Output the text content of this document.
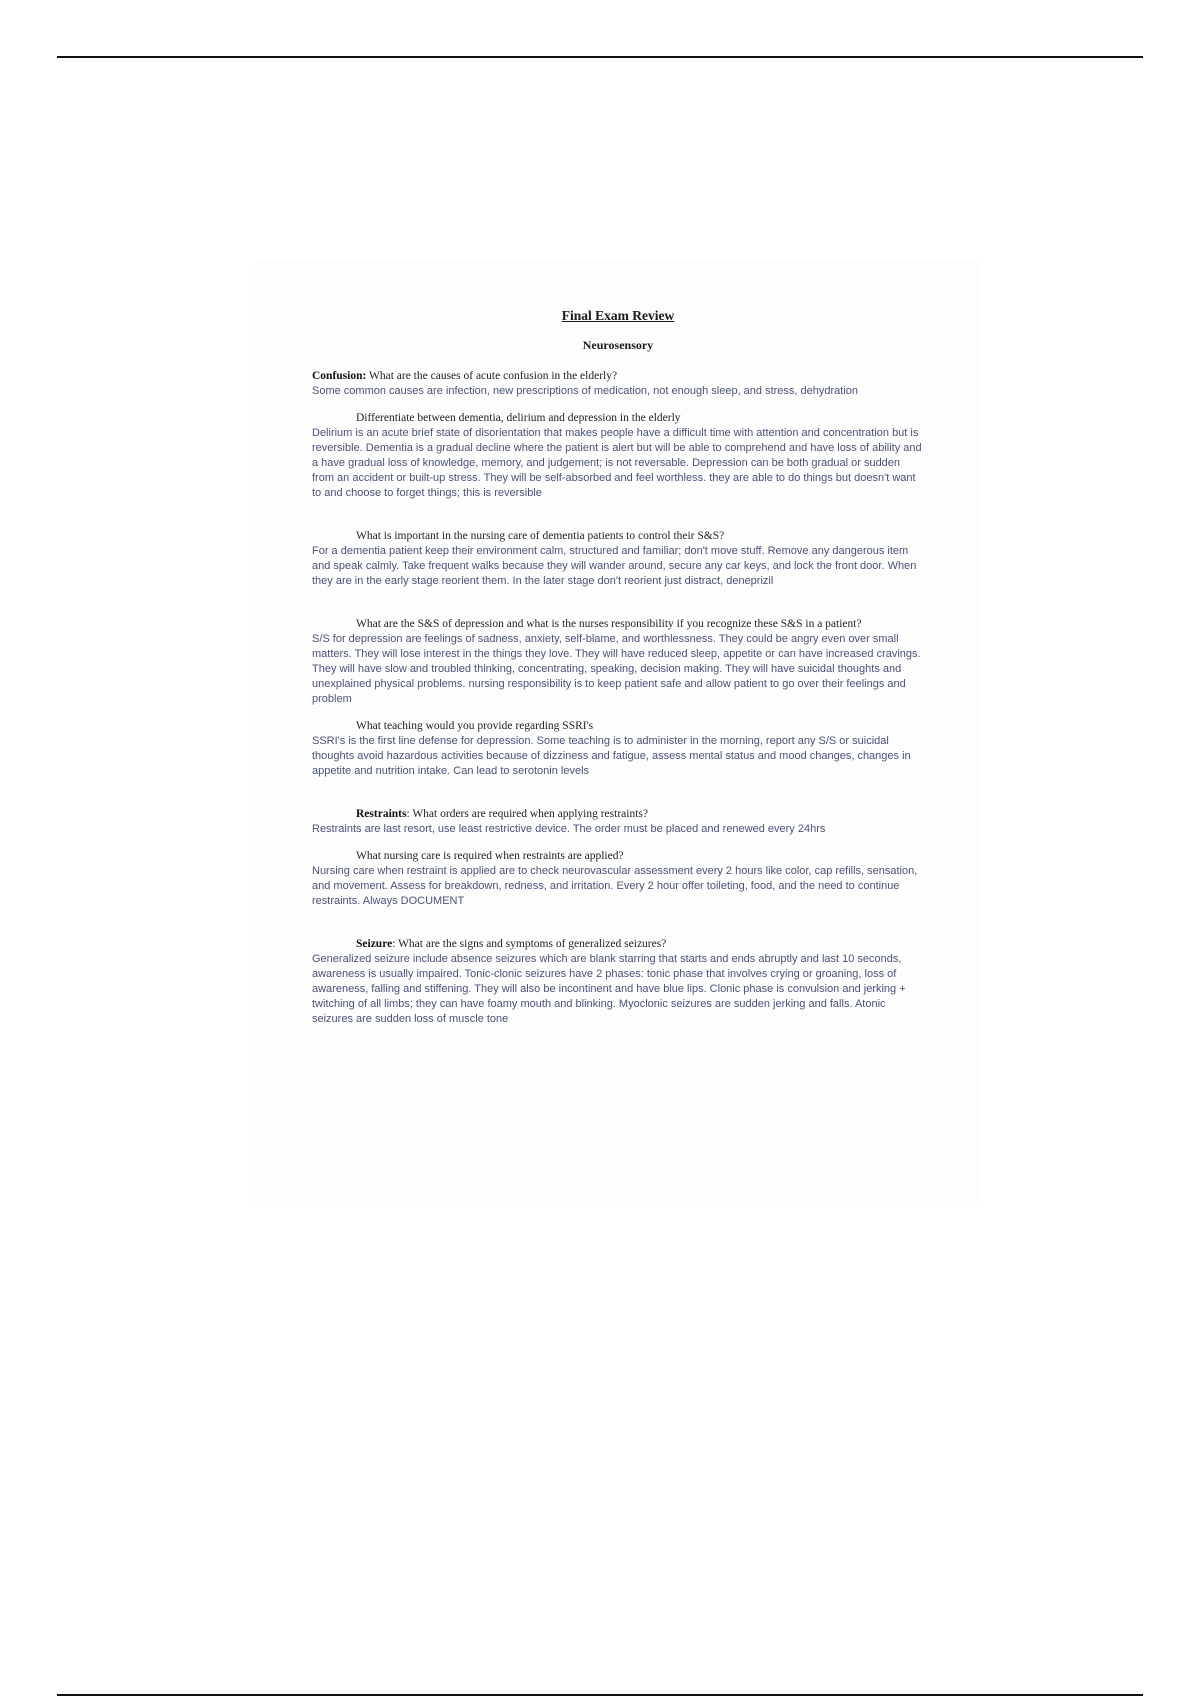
Final Exam Review
Neurosensory

Confusion: What are the causes of acute confusion in the elderly?

Some common causes are infection, new prescriptions of medication, not enough sleep, and stress, dehydration

Differentiate between dementia, delirium and depression in the elderly

Delirium is an acute brief state of disorientation that makes people have a difficult time with attention and concentration but is reversible. Dementia is a gradual decline where the patient is alert but will be able to comprehend and have loss of ability and a have gradual loss of knowledge, memory, and judgement; is not reversable. Depression can be both gradual or sudden from an accident or built-up stress. They will be self-absorbed and feel worthless. they are able to do things but doesn't want to and choose to forget things; this is reversible

What is important in the nursing care of dementia patients to control their S&S?

For a dementia patient keep their environment calm, structured and familiar; don't move stuff. Remove any dangerous item and speak calmly. Take frequent walks because they will wander around, secure any car keys, and lock the front door. When they are in the early stage reorient them. In the later stage don't reorient just distract, deneprizil

What are the S&S of depression and what is the nurses responsibility if you recognize these S&S in a patient?

S/S for depression are feelings of sadness, anxiety, self-blame, and worthlessness. They could be angry even over small matters. They will lose interest in the things they love. They will have reduced sleep, appetite or can have increased cravings. They will have slow and troubled thinking, concentrating, speaking, decision making. They will have suicidal thoughts and unexplained physical problems. nursing responsibility is to keep patient safe and allow patient to go over their feelings and problem

What teaching would you provide regarding SSRI's

SSRI's is the first line defense for depression. Some teaching is to administer in the morning, report any S/S or suicidal thoughts avoid hazardous activities because of dizziness and fatigue, assess mental status and mood changes, changes in appetite and nutrition intake. Can lead to serotonin levels

Restraints: What orders are required when applying restraints?

Restraints are last resort, use least restrictive device. The order must be placed and renewed every 24hrs

What nursing care is required when restraints are applied?

Nursing care when restraint is applied are to check neurovascular assessment every 2 hours like color, cap refills, sensation, and movement. Assess for breakdown, redness, and irritation. Every 2 hour offer toileting, food, and the need to continue restraints. Always DOCUMENT

Seizure: What are the signs and symptoms of generalized seizures?

Generalized seizure include absence seizures which are blank starring that starts and ends abruptly and last 10 seconds, awareness is usually impaired. Tonic-clonic seizures have 2 phases: tonic phase that involves crying or groaning, loss of awareness, falling and stiffening. They will also be incontinent and have blue lips. Clonic phase is convulsion and jerking + twitching of all limbs; they can have foamy mouth and blinking. Myoclonic seizures are sudden jerking and falls. Atonic seizures are sudden loss of muscle tone
